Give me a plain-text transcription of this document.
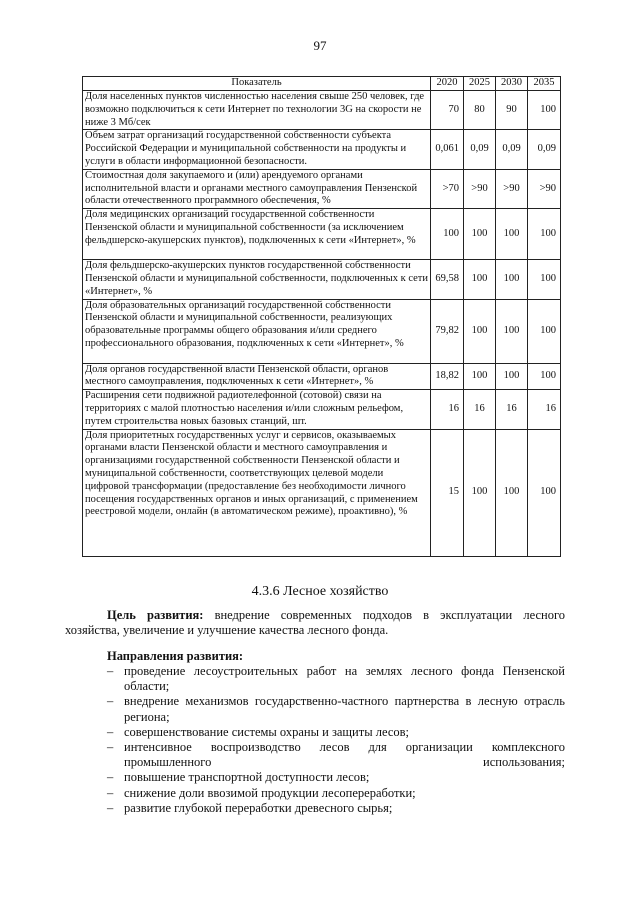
97
Показатель	2020	2025	2030	2035
Доля населенных пунктов численностью населения свыше 250 человек, где возможно подключиться к сети Интернет по технологии 3G на скорости не ниже 3 Мб/сек	70	80	90	100
Объем затрат организаций государственной собственности субъекта Российской Федерации и муниципальной собственности на продукты и услуги в области информационной безопасности.	0,061	0,09	0,09	0,09
Стоимостная доля закупаемого и (или) арендуемого органами исполнительной власти и органами местного самоуправления Пензенской области отечественного программного обеспечения, %	>70	>90	>90	>90
Доля медицинских организаций государственной собственности Пензенской области и муниципальной собственности (за исключением фельдшерско-акушерских пунктов), подключенных к сети «Интернет», %	100	100	100	100
Доля фельдшерско-акушерских пунктов государственной собственности Пензенской области и муниципальной собственности, подключенных к сети «Интернет», %	69,58	100	100	100
Доля образовательных организаций государственной собственности Пензенской области и муниципальной собственности, реализующих образовательные программы общего образования и/или среднего профессионального образования, подключенных к сети «Интернет», %	79,82	100	100	100
Доля органов государственной власти Пензенской области, органов местного самоуправления, подключенных к сети «Интернет», %	18,82	100	100	100
Расширения сети подвижной радиотелефонной (сотовой) связи на территориях с малой плотностью населения и/или сложным рельефом, путем строительства новых базовых станций, шт.	16	16	16	16
Доля приоритетных государственных услуг и сервисов, оказываемых органами власти Пензенской области и местного самоуправления и организациями государственной собственности Пензенской области и муниципальной собственности, соответствующих целевой модели цифровой трансформации (предоставление без необходимости личного посещения государственных органов и иных организаций, с применением реестровой модели, онлайн (в автоматическом режиме), проактивно), %	15	100	100	100
4.3.6 Лесное хозяйство

Цель развития: внедрение современных подходов в эксплуатации лесного хозяйства, увеличение и улучшение качества лесного фонда.

Направления развития:
– проведение лесоустроительных работ на землях лесного фонда Пензенской области;
– внедрение механизмов государственно-частного партнерства в лесную отрасль региона;
– совершенствование системы охраны и защиты лесов;
– интенсивное воспроизводство лесов для организации комплексного промышленного использования;
– повышение транспортной доступности лесов;
– снижение доли ввозимой продукции лесопереработки;
– развитие глубокой переработки древесного сырья;
